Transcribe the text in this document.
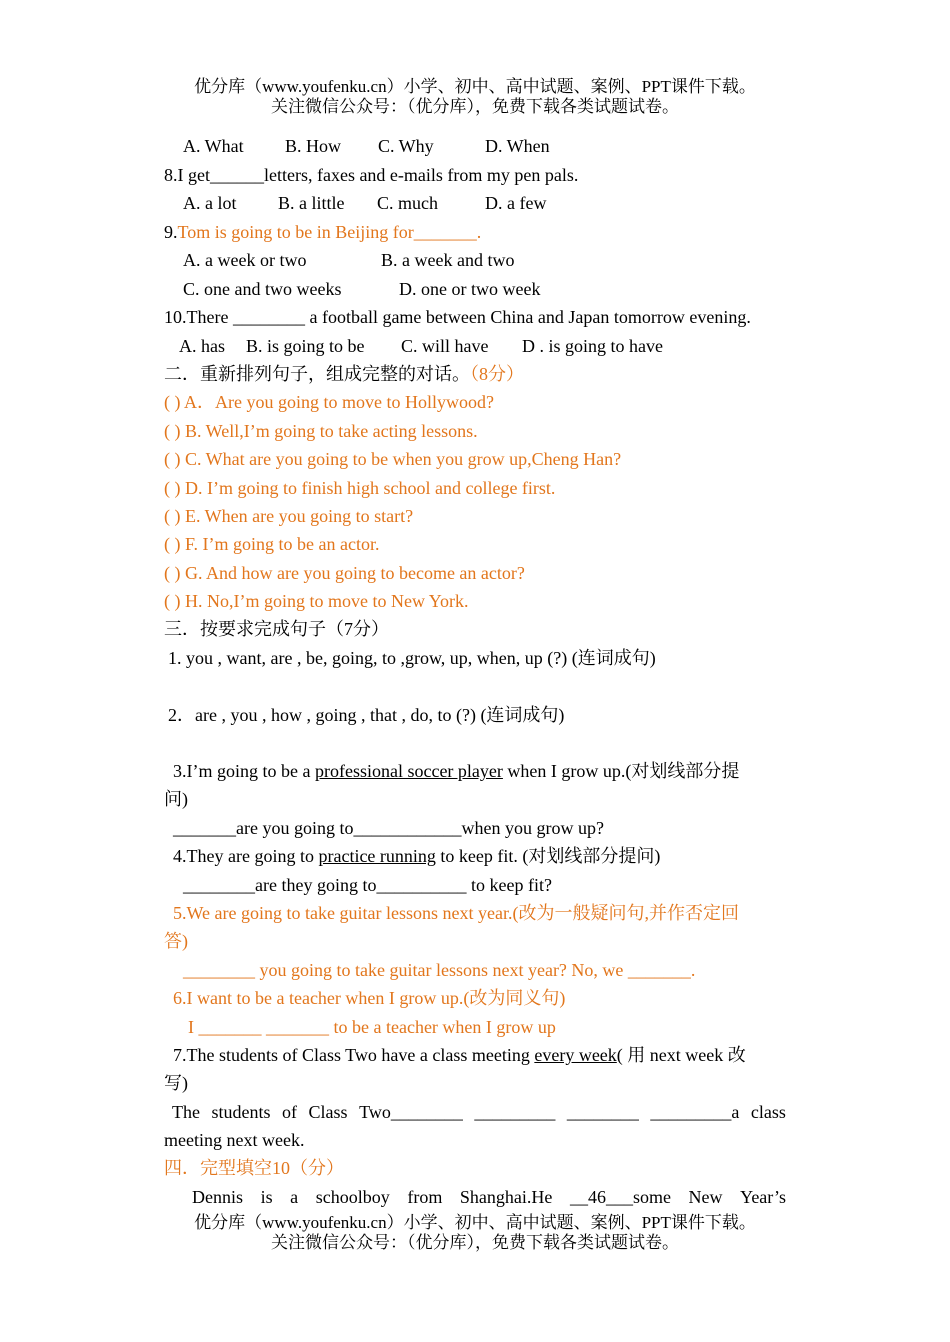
优分库（www.youfenku.cn）小学、初中、高中试题、案例、PPT课件下载。
关注微信公众号：（优分库），免费下载各类试题试卷。
A. What B. How C. Why	D. When
8.I get______letters, faxes and e-mails from my pen pals.
A. a lot B. a little C. much	D. a few
9.Tom is going to be in Beijing for_______.
A. a week or two	B. a week and two
C. one and two weeks	D. one or two week
10.There ________ a football game between China and Japan tomorrow evening.
A. has B. is going to be C. will have D . is going to have
二．重新排列句子，组成完整的对话。（8分）
( ) A．Are you going to move to Hollywood?
( ) B. Well,I’m going to take acting lessons.
( ) C. What are you going to be when you grow up,Cheng Han?
( ) D. I’m going to finish high school and college first.
( ) E. When are you going to start?
( ) F. I’m going to be an actor.
( ) G. And how are you going to become an actor?
( ) H. No,I’m going to move to New York.
三．按要求完成句子（7分）
1. you , want, are , be, going, to ,grow, up, when, up (?) (连词成句)
2．are , you , how , going , that , do, to (?) (连词成句)
3.I’m going to be a professional soccer player when I grow up.(对划线部分提
问)
_______are you going to____________when you grow up?
4.They are going to practice running to keep fit. (对划线部分提问)
________are they going to__________ to keep fit?
5.We are going to take guitar lessons next year.(改为一般疑问句,并作否定回
答)
________ you going to take guitar lessons next year? No, we _______.
6.I want to be a teacher when I grow up.(改为同义句)
I _______ _______ to be a teacher when I grow up
7.The students of Class Two have a class meeting every week( 用 next week 改
写)
The students of Class Two________ _________ ________ _________a class
meeting next week.
四．完型填空10（分）
Dennis is a schoolboy from Shanghai.He __46___some New Year’s
优分库（www.youfenku.cn）小学、初中、高中试题、案例、PPT课件下载。
关注微信公众号：（优分库），免费下载各类试题试卷。
